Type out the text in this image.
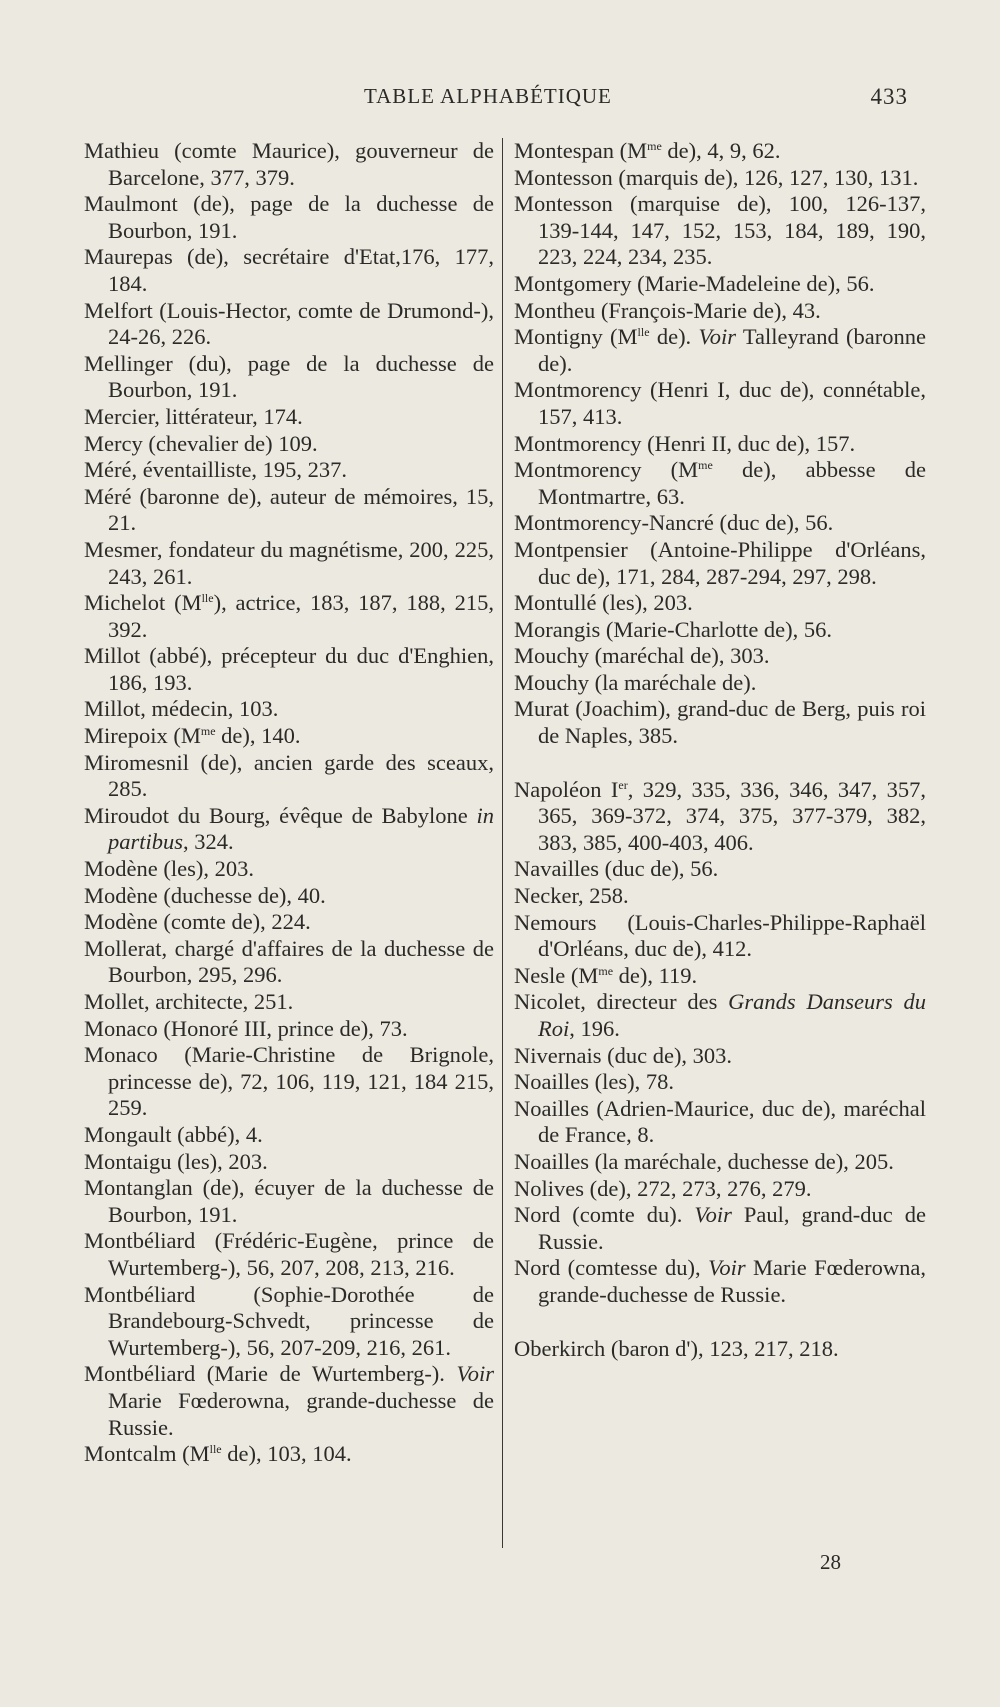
TABLE ALPHABÉTIQUE	433

Mathieu (comte Maurice), gouverneur de Barcelone, 377, 379.

Maulmont (de), page de la duchesse de Bourbon, 191.

Maurepas (de), secrétaire d'Etat,176, 177, 184.

Melfort (Louis-Hector, comte de Drumond-), 24-26, 226.

Mellinger (du), page de la duchesse de Bourbon, 191.

Mercier, littérateur, 174.

Mercy (chevalier de) 109.

Méré, éventailliste, 195, 237.

Méré (baronne de), auteur de mémoires, 15, 21.

Mesmer, fondateur du magnétisme, 200, 225, 243, 261.

Michelot $(M^{lle})$, actrice, 183, 187, 188, 215, 392.

Millot (abbé), précepteur du duc d'Enghien, 186, 193.

Millot, médecin, 103.

Mirepoix ($M^{me}$ de), 140.

Miromesnil (de), ancien garde des sceaux, 285.

Miroudot du Bourg, évêque de Babylone in partibus, 324.

Modène (les), 203.

Modène (duchesse de), 40.

Modène (comte de), 224.

Mollerat, chargé d'affaires de la duchesse de Bourbon, 295, 296.

Mollet, architecte, 251.

Monaco (Honoré III, prince de), 73.

Monaco (Marie-Christine de Brignole, princesse de), 72, 106, 119, 121, 184 215, 259.

Mongault (abbé), 4.

Montaigu (les), 203.

Montanglan (de), écuyer de la duchesse de Bourbon, 191.

Montbéliard (Frédéric-Eugène, prince de Wurtemberg-), 56, 207, 208, 213, 216.

Montbéliard (Sophie-Dorothée de Brandebourg-Schvedt, princesse de Wurtemberg-), 56, 207-209, 216, 261.

Montbéliard (Marie de Wurtemberg-). Voir Marie Fœderowna, grande-duchesse de Russie.

Montcalm ($M^{lle}$ de), 103, 104.

Montespan ($M^{me}$ de), 4, 9, 62.

Montesson (marquis de), 126, 127, 130, 131.

Montesson (marquise de), 100, 126-137, 139-144, 147, 152, 153, 184, 189, 190, 223, 224, 234, 235.

Montgomery (Marie-Madeleine de), 56.

Montheu (François-Marie de), 43.

Montigny ($M^{lle}$ de). Voir Talleyrand (baronne de).

Montmorency (Henri I, duc de), connétable, 157, 413.

Montmorency (Henri II, duc de), 157.

Montmorency ($M^{me}$ de), abbesse de Montmartre, 63.

Montmorency-Nancré (duc de), 56.

Montpensier (Antoine-Philippe d'Orléans, duc de), 171, 284, 287-294, 297, 298.

Montullé (les), 203.

Morangis (Marie-Charlotte de), 56.

Mouchy (maréchal de), 303.

Mouchy (la maréchale de).

Murat (Joachim), grand-duc de Berg, puis roi de Naples, 385.

Napoléon Ier, 329, 335, 336, 346, 347, 357, 365, 369-372, 374, 375, 377-379, 382, 383, 385, 400-403, 406.

Navailles (duc de), 56.

Necker, 258.

Nemours (Louis-Charles-Philippe-Raphaël d'Orléans, duc de), 412.

Nesle ($M^{me}$ de), 119.

Nicolet, directeur des Grands Danseurs du Roi, 196.

Nivernais (duc de), 303.

Noailles (les), 78.

Noailles (Adrien-Maurice, duc de), maréchal de France, 8.

Noailles (la maréchale, duchesse de), 205.

Nolives (de), 272, 273, 276, 279.

Nord (comte du). Voir Paul, grand-duc de Russie.

Nord (comtesse du), Voir Marie Fœderowna, grande-duchesse de Russie.

Oberkirch (baron d'), 123, 217, 218.

28
